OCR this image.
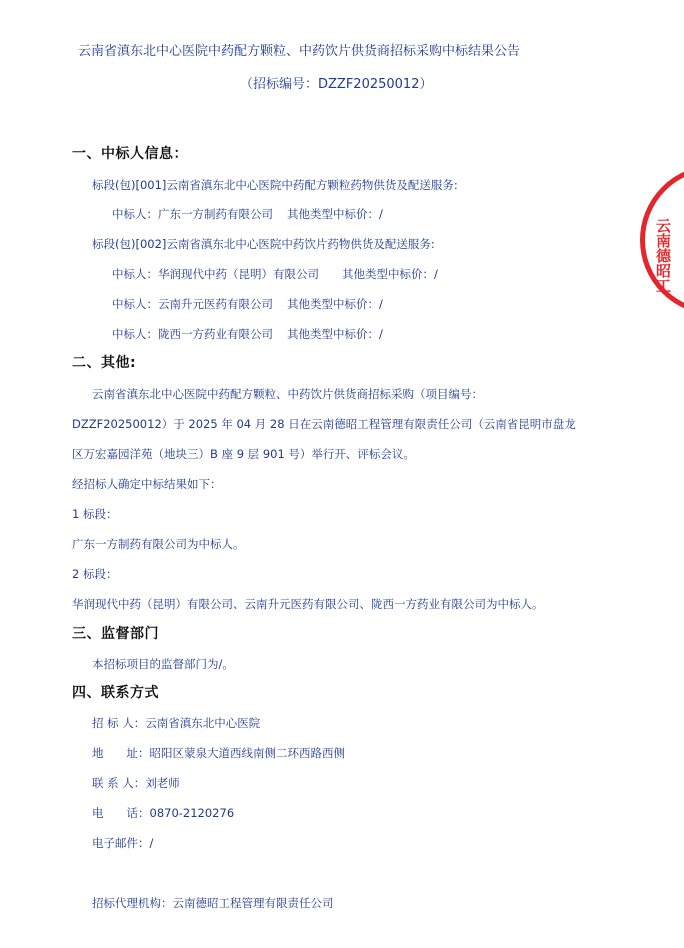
云南省滇东北中心医院中药配方颗粒、中药饮片供货商招标采购中标结果公告
（招标编号：DZZF20250012）
一、中标人信息：
标段(包)[001]云南省滇东北中心医院中药配方颗粒药物供货及配送服务:
中标人：广东一方制药有限公司 其他类型中标价：/
标段(包)[002]云南省滇东北中心医院中药饮片药物供货及配送服务:
中标人：华润现代中药（昆明）有限公司 其他类型中标价：/
中标人：云南升元医药有限公司 其他类型中标价：/
中标人：陇西一方药业有限公司 其他类型中标价：/
二、其他:
云南省滇东北中心医院中药配方颗粒、中药饮片供货商招标采购（项目编号：
DZZF20250012）于 2025 年 04 月 28 日在云南德昭工程管理有限责任公司（云南省昆明市盘龙
区万宏嘉园洋苑（地块三）B 座 9 层 901 号）举行开、评标会议。
经招标人确定中标结果如下：
1 标段：
广东一方制药有限公司为中标人。
2 标段：
华润现代中药（昆明）有限公司、云南升元医药有限公司、陇西一方药业有限公司为中标人。
三、监督部门
本招标项目的监督部门为/。
四、联系方式
招 标 人：云南省滇东北中心医院
地　　址：昭阳区蒙泉大道西线南侧二环西路西侧
联 系 人：刘老师
电　　话：0870-2120276
电子邮件：/
招标代理机构：云南德昭工程管理有限责任公司
云南德昭工
